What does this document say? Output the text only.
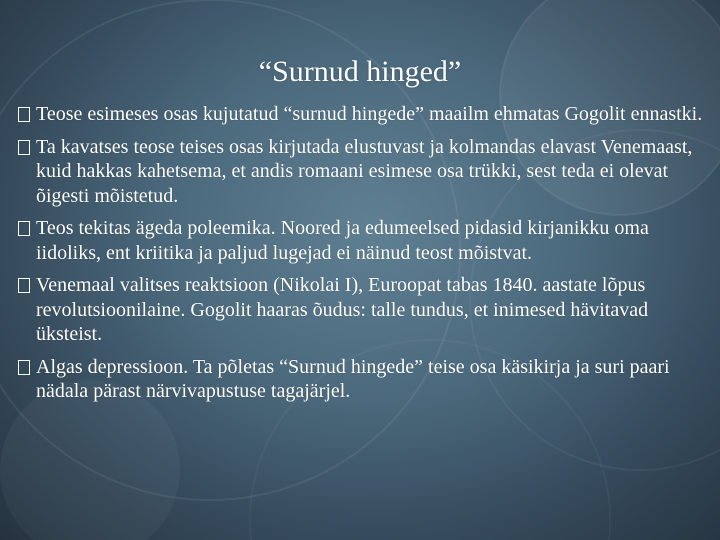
“Surnud hinged”
Teose esimeses osas kujutatud “surnud hingede” maailm ehmatas Gogolit ennastki.
Ta kavatses teose teises osas kirjutada elustuvast ja kolmandas elavast Venemaast, kuid hakkas kahetsema, et andis romaani esimese osa trükki, sest teda ei olevat õigesti mõistetud.
Teos tekitas ägeda poleemika. Noored ja edumeelsed pidasid kirjanikku oma iidoliks, ent kriitika ja paljud lugejad ei näinud teost mõistvat.
Venemaal valitses reaktsioon (Nikolai I), Euroopat tabas 1840. aastate lõpus revolutsioonilaine. Gogolit haaras õudus: talle tundus, et inimesed hävitavad üksteist.
Algas depressioon. Ta põletas “Surnud hingede” teise osa käsikirja ja suri paari nädala pärast närvivapustuse tagajärjel.
